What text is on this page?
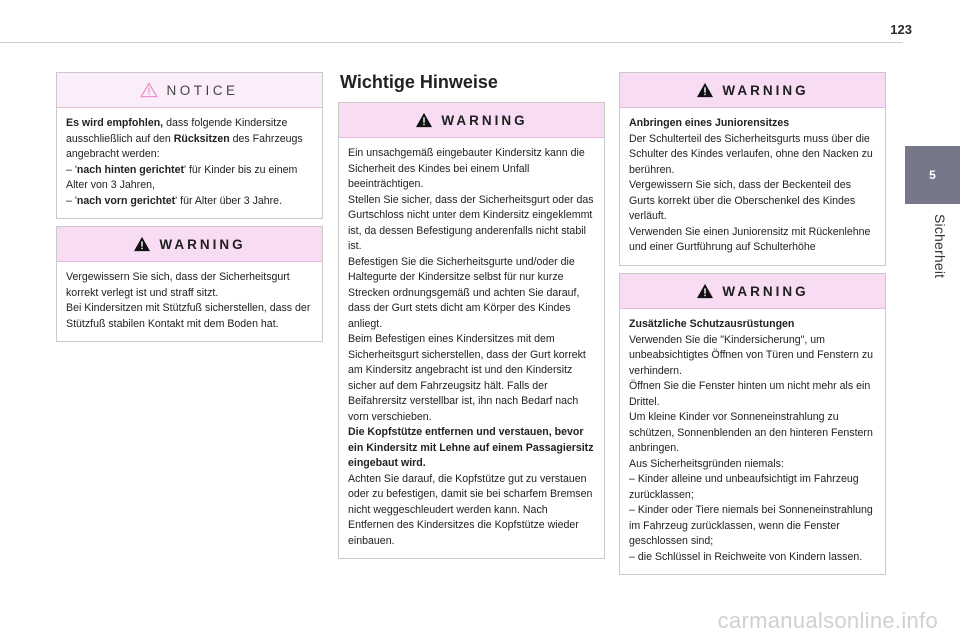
123
5
Sicherheit
NOTICE

Es wird empfohlen, dass folgende Kindersitze ausschließlich auf den Rücksitzen des Fahrzeugs angebracht werden:

– 'nach hinten gerichtet' für Kinder bis zu einem Alter von 3 Jahren,

– 'nach vorn gerichtet' für Alter über 3 Jahre.

WARNING

Vergewissern Sie sich, dass der Sicherheitsgurt korrekt verlegt ist und straff sitzt.

Bei Kindersitzen mit Stützfuß sicherstellen, dass der Stützfuß stabilen Kontakt mit dem Boden hat.

Wichtige Hinweise
WARNING

Ein unsachgemäß eingebauter Kindersitz kann die Sicherheit des Kindes bei einem Unfall beeinträchtigen.

Stellen Sie sicher, dass der Sicherheitsgurt oder das Gurtschloss nicht unter dem Kindersitz eingeklemmt ist, da dessen Befestigung anderenfalls nicht stabil ist.

Befestigen Sie die Sicherheitsgurte und/oder die Haltegurte der Kindersitze selbst für nur kurze Strecken ordnungsgemäß und achten Sie darauf, dass der Gurt stets dicht am Körper des Kindes anliegt.

Beim Befestigen eines Kindersitzes mit dem Sicherheitsgurt sicherstellen, dass der Gurt korrekt am Kindersitz angebracht ist und den Kindersitz sicher auf dem Fahrzeugsitz hält. Falls der Beifahrersitz verstellbar ist, ihn nach Bedarf nach vorn verschieben.

Die Kopfstütze entfernen und verstauen, bevor ein Kindersitz mit Lehne auf einem Passagiersitz eingebaut wird.

Achten Sie darauf, die Kopfstütze gut zu verstauen oder zu befestigen, damit sie bei scharfem Bremsen nicht weggeschleudert werden kann. Nach Entfernen des Kindersitzes die Kopfstütze wieder einbauen.

WARNING

Anbringen eines Juniorensitzes

Der Schulterteil des Sicherheitsgurts muss über die Schulter des Kindes verlaufen, ohne den Nacken zu berühren.

Vergewissern Sie sich, dass der Beckenteil des Gurts korrekt über die Oberschenkel des Kindes verläuft.

Verwenden Sie einen Juniorensitz mit Rückenlehne und einer Gurtführung auf Schulterhöhe

WARNING

Zusätzliche Schutzausrüstungen

Verwenden Sie die "Kindersicherung", um unbeabsichtigtes Öffnen von Türen und Fenstern zu verhindern.

Öffnen Sie die Fenster hinten um nicht mehr als ein Drittel.

Um kleine Kinder vor Sonneneinstrahlung zu schützen, Sonnenblenden an den hinteren Fenstern anbringen.

Aus Sicherheitsgründen niemals:

– Kinder alleine und unbeaufsichtigt im Fahrzeug zurücklassen;

– Kinder oder Tiere niemals bei Sonneneinstrahlung im Fahrzeug zurücklassen, wenn die Fenster geschlossen sind;

– die Schlüssel in Reichweite von Kindern lassen.

carmanualsonline.info
